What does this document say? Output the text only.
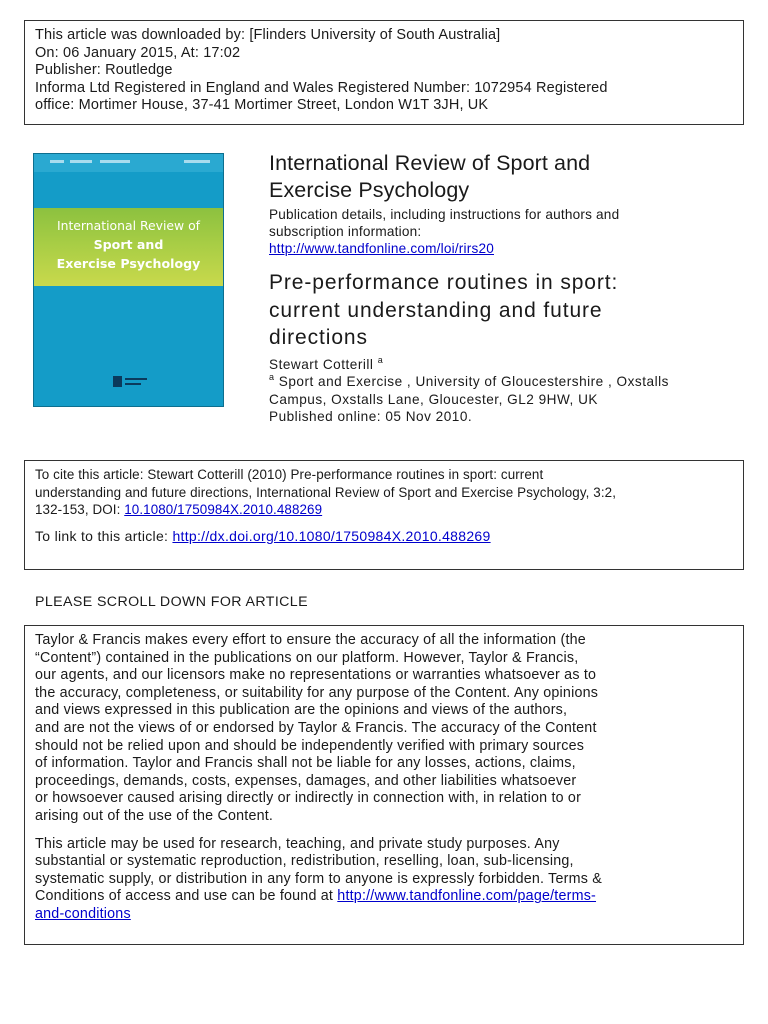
This article was downloaded by: [Flinders University of South Australia]
On: 06 January 2015, At: 17:02
Publisher: Routledge
Informa Ltd Registered in England and Wales Registered Number: 1072954 Registered
office: Mortimer House, 37-41 Mortimer Street, London W1T 3JH, UK
International Review of
Sport and
Exercise Psychology
International Review of Sport and
Exercise Psychology
Publication details, including instructions for authors and
subscription information:
http://www.tandfonline.com/loi/rirs20
Pre-performance routines in sport:
current understanding and future
directions
Stewart Cotterill $^a$
$^a$ Sport and Exercise , University of Gloucestershire , Oxstalls
Campus, Oxstalls Lane, Gloucester, GL2 9HW, UK
Published online: 05 Nov 2010.
To cite this article: Stewart Cotterill (2010) Pre-performance routines in sport: current
understanding and future directions, International Review of Sport and Exercise Psychology, 3:2,
132-153, DOI: 10.1080/1750984X.2010.488269
To link to this article: http://dx.doi.org/10.1080/1750984X.2010.488269
PLEASE SCROLL DOWN FOR ARTICLE
Taylor & Francis makes every effort to ensure the accuracy of all the information (the
“Content”) contained in the publications on our platform. However, Taylor & Francis,
our agents, and our licensors make no representations or warranties whatsoever as to
the accuracy, completeness, or suitability for any purpose of the Content. Any opinions
and views expressed in this publication are the opinions and views of the authors,
and are not the views of or endorsed by Taylor & Francis. The accuracy of the Content
should not be relied upon and should be independently verified with primary sources
of information. Taylor and Francis shall not be liable for any losses, actions, claims,
proceedings, demands, costs, expenses, damages, and other liabilities whatsoever
or howsoever caused arising directly or indirectly in connection with, in relation to or
arising out of the use of the Content.
This article may be used for research, teaching, and private study purposes. Any
substantial or systematic reproduction, redistribution, reselling, loan, sub-licensing,
systematic supply, or distribution in any form to anyone is expressly forbidden. Terms &
Conditions of access and use can be found at http://www.tandfonline.com/page/terms-
and-conditions
